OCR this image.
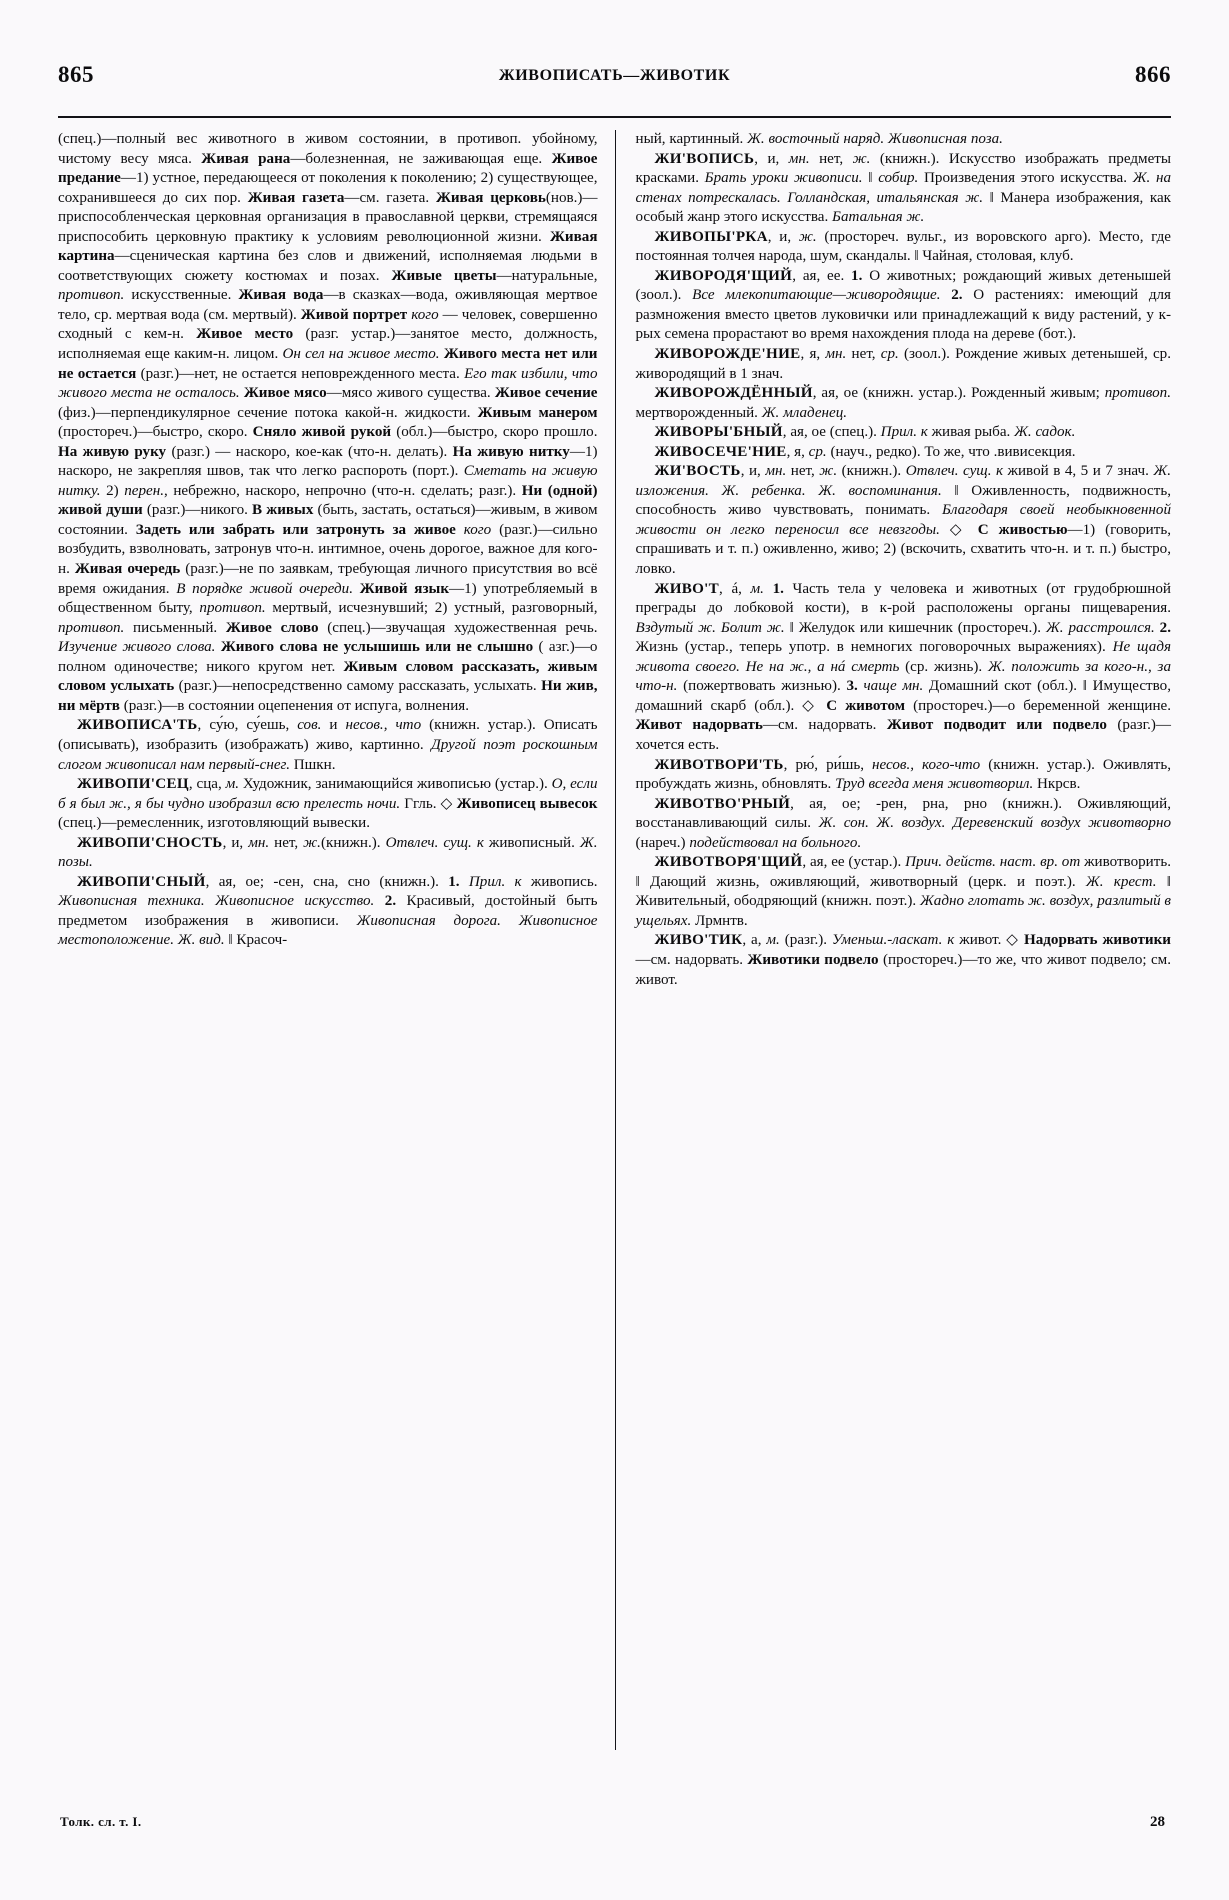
865	ЖИВОПИСАТЬ—ЖИВОТИК	866

(спец.)—полный вес животного в живом состоянии, в противоп. убойному, чистому весу мяса. Живая рана—болезненная, не заживающая еще. Живое предание—1) устное, передающееся от поколения к поколению; 2) существующее, сохранившееся до сих пор. Живая газета—см. газета. Живая церковь(нов.)—приспособленческая церковная организация в православной церкви, стремящаяся приспособить церковную практику к условиям революционной жизни. Живая картина—сценическая картина без слов и движений, исполняемая людьми в соответствующих сюжету костюмах и позах. Живые цветы—натуральные, противоп. искусственные. Живая вода—в сказках—вода, оживляющая мертвое тело, ср. мертвая вода (см. мертвый). Живой портрет кого — человек, совершенно сходный с кем-н. Живое место (разг. устар.)—занятое место, должность, исполняемая еще каким-н. лицом. Он сел на живое место. Живого места нет или не остается (разг.)—нет, не остается неповрежденного места. Его так избили, что живого места не осталось. Живое мясо—мясо живого существа. Живое сечение (физ.)—перпендикулярное сечение потока какой-н. жидкости. Живым манером (простореч.)—быстро, скоро. Сняло живой рукой (обл.)—быстро, скоро прошло. На живую руку (разг.) — наскоро, кое-как (что-н. делать). На живую нитку—1) наскоро, не закрепляя швов, так что легко распороть (порт.). Сметать на живую нитку. 2) перен., небрежно, наскоро, непрочно (что-н. сделать; разг.). Ни (одной) живой души (разг.)—никого. В живых (быть, застать, остаться)—живым, в живом состоянии. Задеть или забрать или затронуть за живое кого (разг.)—сильно возбудить, взволновать, затронув что-н. интимное, очень дорогое, важное для кого-н. Живая очередь (разг.)—не по заявкам, требующая личного присутствия во всё время ожидания. В порядке живой очереди. Живой язык—1) употребляемый в общественном быту, противоп. мертвый, исчезнувший; 2) устный, разговорный, противоп. письменный. Живое слово (спец.)—звучащая художественная речь. Изучение живого слова. Живого слова не услышишь или не слышно ( азг.)—о полном одиночестве; никого кругом нет. Живым словом рассказать, живым словом услыхать (разг.)—непосредственно самому рассказать, услыхать. Ни жив, ни мёртв (разг.)—в состоянии оцепенения от испуга, волнения.

ЖИВОПИСА'ТЬ, су́ю, су́ешь, сов. и несов., что (книжн. устар.). Описать (описывать), изобразить (изображать) живо, картинно. Другой поэт роскошным слогом живописал нам первый-снег. Пшкн.

ЖИВОПИ'СЕЦ, сца, м. Художник, занимающийся живописью (устар.). О, если б я был ж., я бы чудно изобразил всю прелесть ночи. Ггль. ◇ Живописец вывесок (спец.)—ремесленник, изготовляющий вывески.

ЖИВОПИ'СНОСТЬ, и, мн. нет, ж.(книжн.). Отвлеч. сущ. к живописный. Ж. позы.

ЖИВОПИ'СНЫЙ, ая, ое; -сен, сна, сно (книжн.). 1. Прил. к живопись. Живописная техника. Живописное искусство. 2. Красивый, достойный быть предметом изображения в живописи. Живописная дорога. Живописное местоположение. Ж. вид. ‖ Красоч-

ный, картинный. Ж. восточный наряд. Живописная поза.

ЖИ'ВОПИСЬ, и, мн. нет, ж. (книжн.). Искусство изображать предметы красками. Брать уроки живописи. ‖ собир. Произведения этого искусства. Ж. на стенах потрескалась. Голландская, итальянская ж. ‖ Манера изображения, как особый жанр этого искусства. Батальная ж.

ЖИВОПЫ'РКА, и, ж. (простореч. вульг., из воровского арго). Место, где постоянная толчея народа, шум, скандалы. ‖ Чайная, столовая, клуб.

ЖИВОРОДЯ'ЩИЙ, ая, ее. 1. О животных; рождающий живых детенышей (зоол.). Все млекопитающие—живородящие. 2. О растениях: имеющий для размножения вместо цветов луковички или принадлежащий к виду растений, у к-рых семена прорастают во время нахождения плода на дереве (бот.).

ЖИВОРОЖДЕ'НИЕ, я, мн. нет, ср. (зоол.). Рождение живых детенышей, ср. живородящий в 1 знач.

ЖИВОРОЖДЁННЫЙ, ая, ое (книжн. устар.). Рожденный живым; противоп. мертворожденный. Ж. младенец.

ЖИВОРЫ'БНЫЙ, ая, ое (спец.). Прил. к живая рыба. Ж. садок.

ЖИВОСЕЧЕ'НИЕ, я, ср. (науч., редко). То же, что .вивисекция.

ЖИ'ВОСТЬ, и, мн. нет, ж. (книжн.). Отвлеч. сущ. к живой в 4, 5 и 7 знач. Ж. изложения. Ж. ребенка. Ж. воспоминания. ‖ Оживленность, подвижность, способность живо чувствовать, понимать. Благодаря своей необыкновенной живости он легко переносил все невзгоды. ◇ С живостью—1) (говорить, спрашивать и т. п.) оживленно, живо; 2) (вскочить, схватить что-н. и т. п.) быстро, ловко.

ЖИВО'Т, á, м. 1. Часть тела у человека и животных (от грудобрюшной преграды до лобковой кости), в к-рой расположены органы пищеварения. Вздутый ж. Болит ж. ‖ Желудок или кишечник (простореч.). Ж. расстроился. 2. Жизнь (устар., теперь употр. в немногих поговорочных выражениях). Не щадя живота своего. Не на ж., а нá смерть (ср. жизнь). Ж. положить за кого-н., за что-н. (пожертвовать жизнью). 3. чаще мн. Домашний скот (обл.). ‖ Имущество, домашний скарб (обл.). ◇ С животом (простореч.)—о беременной женщине. Живот надорвать—см. надорвать. Живот подводит или подвело (разг.)—хочется есть.

ЖИВОТВОРИ'ТЬ, рю́, ри́шь, несов., кого-что (книжн. устар.). Оживлять, пробуждать жизнь, обновлять. Труд всегда меня животворил. Нкрсв.

ЖИВОТВО'РНЫЙ, ая, ое; -рен, рна, рно (книжн.). Оживляющий, восстанавливающий силы. Ж. сон. Ж. воздух. Деревенский воздух животворно (нареч.) подействовал на больного.

ЖИВОТВОРЯ'ЩИЙ, ая, ее (устар.). Прич. действ. наст. вр. от животворить. ‖ Дающий жизнь, оживляющий, животворный (церк. и поэт.). Ж. крест. ‖ Живительный, ободряющий (книжн. поэт.). Жадно глотать ж. воздух, разлитый в ущельях. Лрмнтв.

ЖИВО'ТИК, а, м. (разг.). Уменьш.-ласкат. к живот. ◇ Надорвать животики—см. надорвать. Животики подвело (простореч.)—то же, что живот подвело; см. живот.

Толк. сл. т. I.	28
